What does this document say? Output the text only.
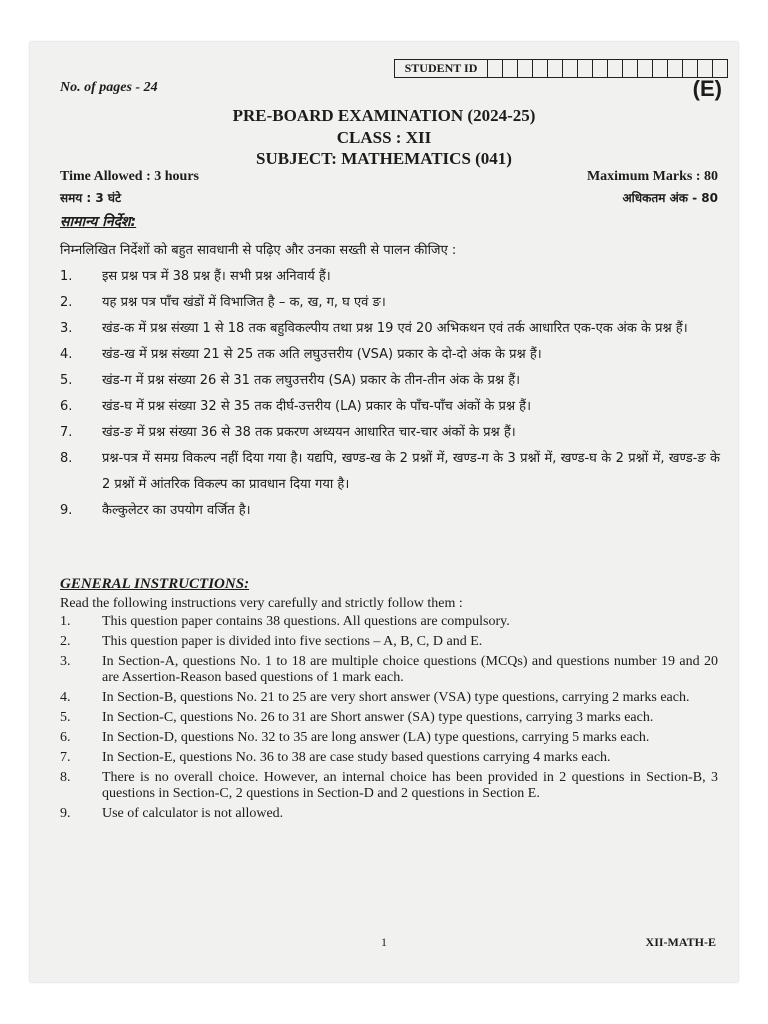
STUDENT ID
No. of pages - 24	(E)
PRE-BOARD EXAMINATION (2024-25)
CLASS : XII
SUBJECT: MATHEMATICS (041)
Time Allowed : 3 hours
समय : 3 घंटे
Maximum Marks : 80
अधिकतम अंक - 80
सामान्य निर्देश:
निम्नलिखित निर्देशों को बहुत सावधानी से पढ़िए और उनका सख्ती से पालन कीजिए :
1.	इस प्रश्न पत्र में 38 प्रश्न हैं। सभी प्रश्न अनिवार्य हैं।
2.	यह प्रश्न पत्र पाँच खंडों में विभाजित है – क, ख, ग, घ एवं ङ।
3.	खंड-क में प्रश्न संख्या 1 से 18 तक बहुविकल्पीय तथा प्रश्न 19 एवं 20 अभिकथन एवं तर्क आधारित एक-एक अंक के प्रश्न हैं।
4.	खंड-ख में प्रश्न संख्या 21 से 25 तक अति लघुउत्तरीय (VSA) प्रकार के दो-दो अंक के प्रश्न हैं।
5.	खंड-ग में प्रश्न संख्या 26 से 31 तक लघुउत्तरीय (SA) प्रकार के तीन-तीन अंक के प्रश्न हैं।
6.	खंड-घ में प्रश्न संख्या 32 से 35 तक दीर्घ-उत्तरीय (LA) प्रकार के पाँच-पाँच अंकों के प्रश्न हैं।
7.	खंड-ङ में प्रश्न संख्या 36 से 38 तक प्रकरण अध्ययन आधारित चार-चार अंकों के प्रश्न हैं।
8.	प्रश्न-पत्र में समग्र विकल्प नहीं दिया गया है। यद्यपि, खण्ड-ख के 2 प्रश्नों में, खण्ड-ग के 3 प्रश्नों में, खण्ड-घ के 2 प्रश्नों में, खण्ड-ङ के 2 प्रश्नों में आंतरिक विकल्प का प्रावधान दिया गया है।
9.	कैल्कुलेटर का उपयोग वर्जित है।
GENERAL INSTRUCTIONS:
Read the following instructions very carefully and strictly follow them :
1.	This question paper contains 38 questions. All questions are compulsory.
2.	This question paper is divided into five sections – A, B, C, D and E.
3.	In Section-A, questions No. 1 to 18 are multiple choice questions (MCQs) and questions number 19 and 20 are Assertion-Reason based questions of 1 mark each.
4.	In Section-B, questions No. 21 to 25 are very short answer (VSA) type questions, carrying 2 marks each.
5.	In Section-C, questions No. 26 to 31 are Short answer (SA) type questions, carrying 3 marks each.
6.	In Section-D, questions No. 32 to 35 are long answer (LA) type questions, carrying 5 marks each.
7.	In Section-E, questions No. 36 to 38 are case study based questions carrying 4 marks each.
8.	There is no overall choice. However, an internal choice has been provided in 2 questions in Section-B, 3 questions in Section-C, 2 questions in Section-D and 2 questions in Section E.
9.	Use of calculator is not allowed.
1	XII-MATH-E
